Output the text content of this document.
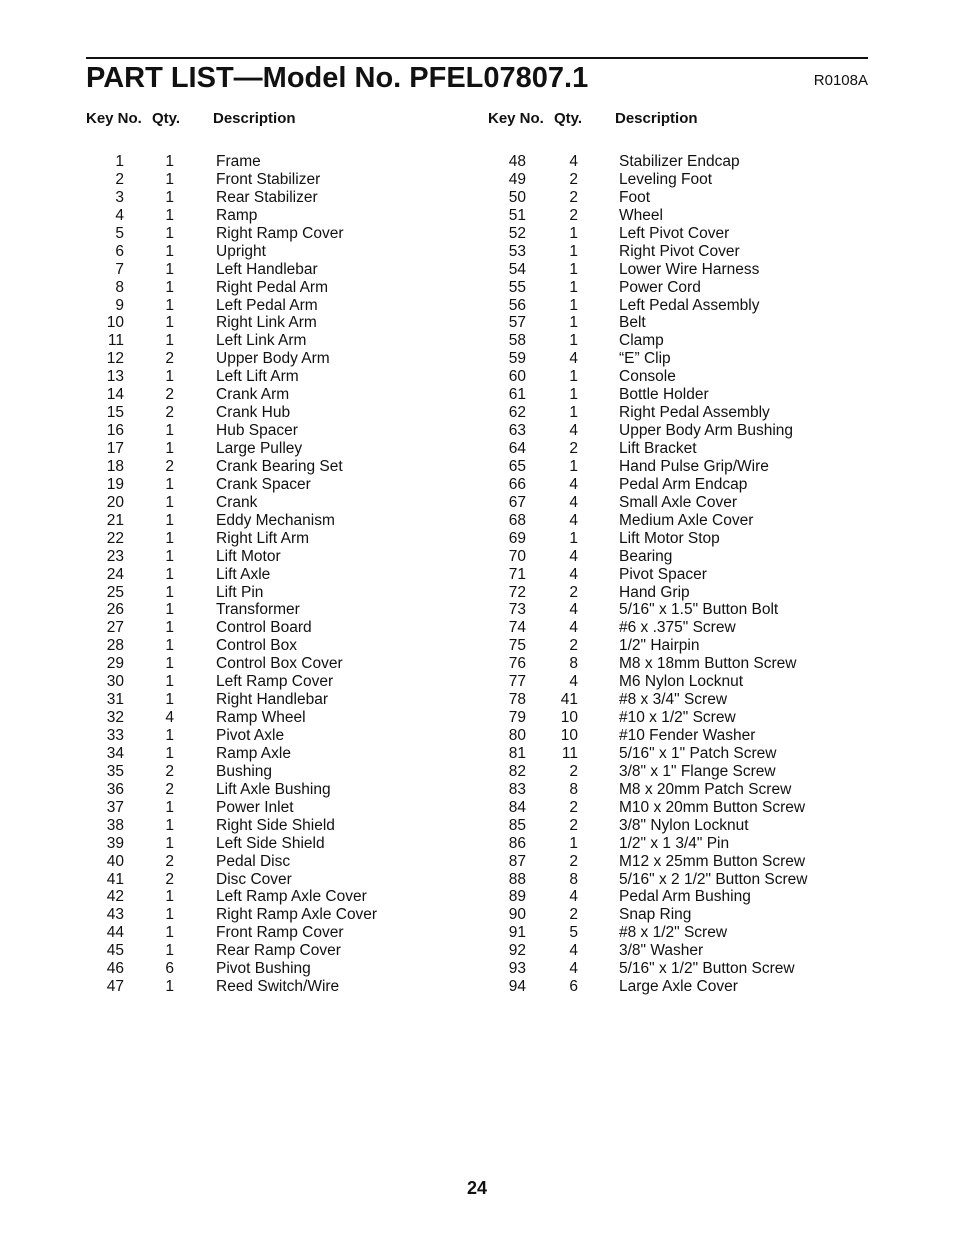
PART LIST—Model No. PFEL07807.1	R0108A
Key No. Qty. Description	Key No. Qty. Description
1	1	Frame
2	1	Front Stabilizer
3	1	Rear Stabilizer
4	1	Ramp
5	1	Right Ramp Cover
6	1	Upright
7	1	Left Handlebar
8	1	Right Pedal Arm
9	1	Left Pedal Arm
10	1	Right Link Arm
11	1	Left Link Arm
12	2	Upper Body Arm
13	1	Left Lift Arm
14	2	Crank Arm
15	2	Crank Hub
16	1	Hub Spacer
17	1	Large Pulley
18	2	Crank Bearing Set
19	1	Crank Spacer
20	1	Crank
21	1	Eddy Mechanism
22	1	Right Lift Arm
23	1	Lift Motor
24	1	Lift Axle
25	1	Lift Pin
26	1	Transformer
27	1	Control Board
28	1	Control Box
29	1	Control Box Cover
30	1	Left Ramp Cover
31	1	Right Handlebar
32	4	Ramp Wheel
33	1	Pivot Axle
34	1	Ramp Axle
35	2	Bushing
36	2	Lift Axle Bushing
37	1	Power Inlet
38	1	Right Side Shield
39	1	Left Side Shield
40	2	Pedal Disc
41	2	Disc Cover
42	1	Left Ramp Axle Cover
43	1	Right Ramp Axle Cover
44	1	Front Ramp Cover
45	1	Rear Ramp Cover
46	6	Pivot Bushing
47	1	Reed Switch/Wire
48	4	Stabilizer Endcap
49	2	Leveling Foot
50	2	Foot
51	2	Wheel
52	1	Left Pivot Cover
53	1	Right Pivot Cover
54	1	Lower Wire Harness
55	1	Power Cord
56	1	Left Pedal Assembly
57	1	Belt
58	1	Clamp
59	4	“E” Clip
60	1	Console
61	1	Bottle Holder
62	1	Right Pedal Assembly
63	4	Upper Body Arm Bushing
64	2	Lift Bracket
65	1	Hand Pulse Grip/Wire
66	4	Pedal Arm Endcap
67	4	Small Axle Cover
68	4	Medium Axle Cover
69	1	Lift Motor Stop
70	4	Bearing
71	4	Pivot Spacer
72	2	Hand Grip
73	4	5/16" x 1.5" Button Bolt
74	4	#6 x .375" Screw
75	2	1/2" Hairpin
76	8	M8 x 18mm Button Screw
77	4	M6 Nylon Locknut
78	41	#8 x 3/4" Screw
79	10	#10 x 1/2" Screw
80	10	#10 Fender Washer
81	11	5/16" x 1" Patch Screw
82	2	3/8" x 1" Flange Screw
83	8	M8 x 20mm Patch Screw
84	2	M10 x 20mm Button Screw
85	2	3/8" Nylon Locknut
86	1	1/2" x 1 3/4" Pin
87	2	M12 x 25mm Button Screw
88	8	5/16" x 2 1/2" Button Screw
89	4	Pedal Arm Bushing
90	2	Snap Ring
91	5	#8 x 1/2" Screw
92	4	3/8" Washer
93	4	5/16" x 1/2" Button Screw
94	6	Large Axle Cover
24
